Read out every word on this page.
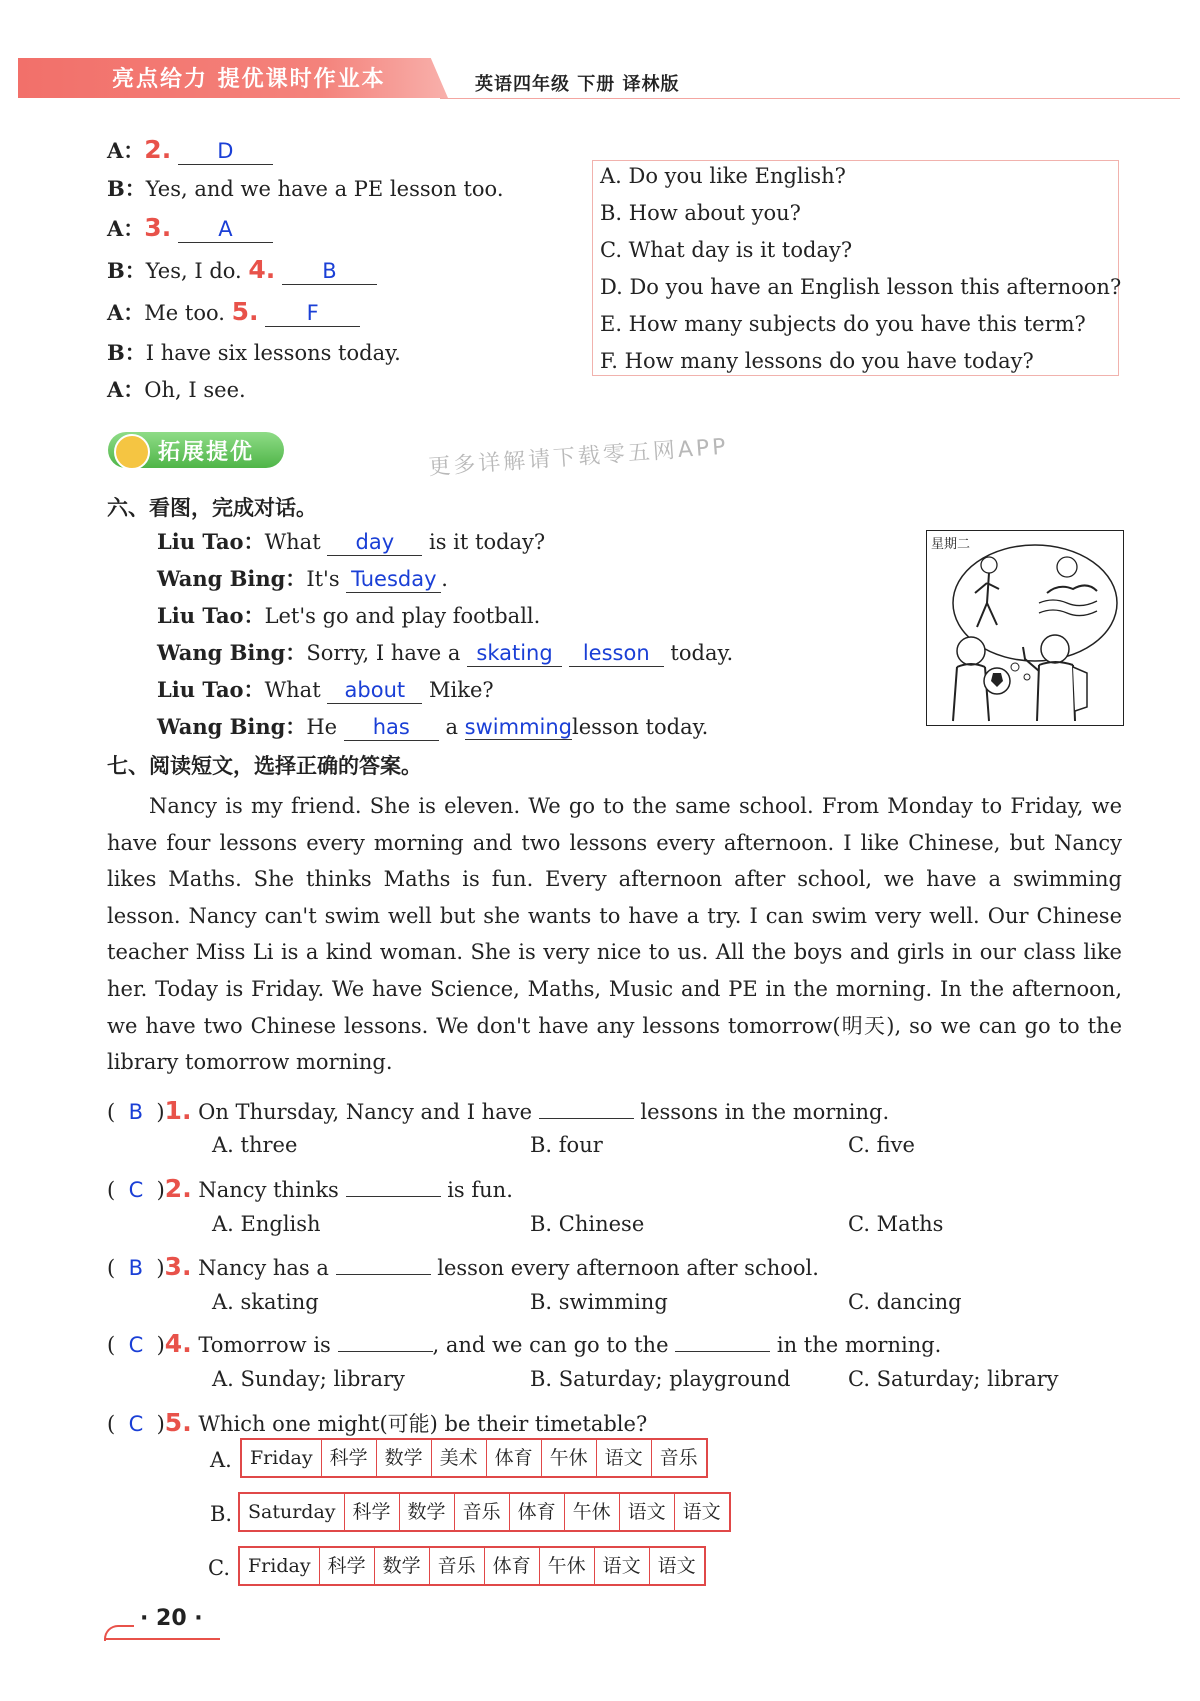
亮点给力 提优课时作业本	英语四年级 下册 译林版
A：2. D
B：Yes, and we have a PE lesson too.
A：3. A
B：Yes, I do. 4. B
A：Me too. 5. F
B：I have six lessons today.
A：Oh, I see.
A. Do you like English?
B. How about you?
C. What day is it today?
D. Do you have an English lesson this afternoon?
E. How many subjects do you have this term?
F. How many lessons do you have today?
拓展提优	更多详解请下载零五网APP
六、看图，完成对话。
Liu Tao：What day is it today?
Wang Bing：It's Tuesday .
Liu Tao：Let's go and play football.
Wang Bing：Sorry, I have a skating lesson today.
Liu Tao：What about Mike?
Wang Bing：He has a swimminglesson today.
星期二
七、阅读短文，选择正确的答案。
Nancy is my friend. She is eleven. We go to the same school. From Monday to Friday, we have four lessons every morning and two lessons every afternoon. I like Chinese, but Nancy likes Maths. She thinks Maths is fun. Every afternoon after school, we have a swimming lesson. Nancy can't swim well but she wants to have a try. I can swim very well. Our Chinese teacher Miss Li is a kind woman. She is very nice to us. All the boys and girls in our class like her. Today is Friday. We have Science, Maths, Music and PE in the morning. In the afternoon, we have two Chinese lessons. We don't have any lessons tomorrow(明天), so we can go to the library tomorrow morning.
( B )1. On Thursday, Nancy and I have	lessons in the morning.
A. three	B. four	C. five
( C )2. Nancy thinks	is fun.
A. English	B. Chinese	C. Maths
( B )3. Nancy has a	lesson every afternoon after school.
A. skating	B. swimming	C. dancing
( C )4. Tomorrow is	, and we can go to the	in the morning.
A. Sunday; library	B. Saturday; playground	C. Saturday; library
( C )5. Which one might(可能) be their timetable?
A. Friday 科学 数学 美术 体育 午休 语文 音乐
B. Saturday 科学 数学 音乐 体育 午休 语文 语文
C. Friday 科学 数学 音乐 体育 午休 语文 语文
· 20 ·
